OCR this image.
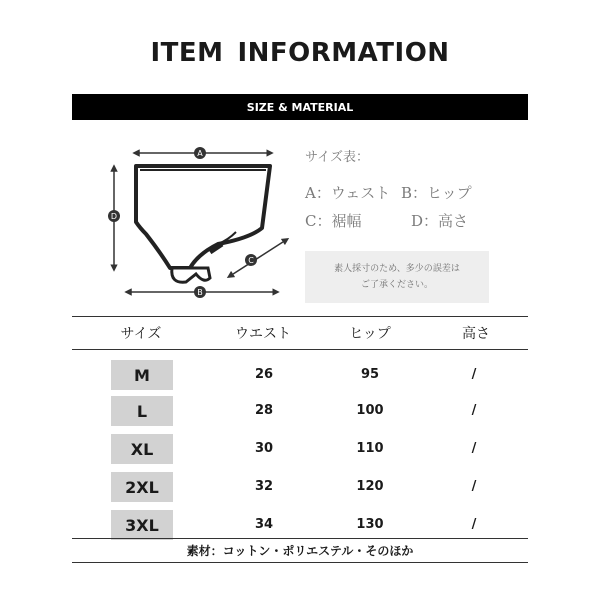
ITEM INFORMATION
SIZE & MATERIAL
A
D
C
B
サイズ表：
A：ウェスト B：ヒップ
C：裾幅	D：高さ
素人採寸のため、多少の誤差は
ご了承ください。
サイズ	ウエスト	ヒップ	高さ
M	26	95	/
L	28	100	/
XL	30	110	/
2XL	32	120	/
3XL	34	130	/
素材：コットン・ポリエステル・そのほか
